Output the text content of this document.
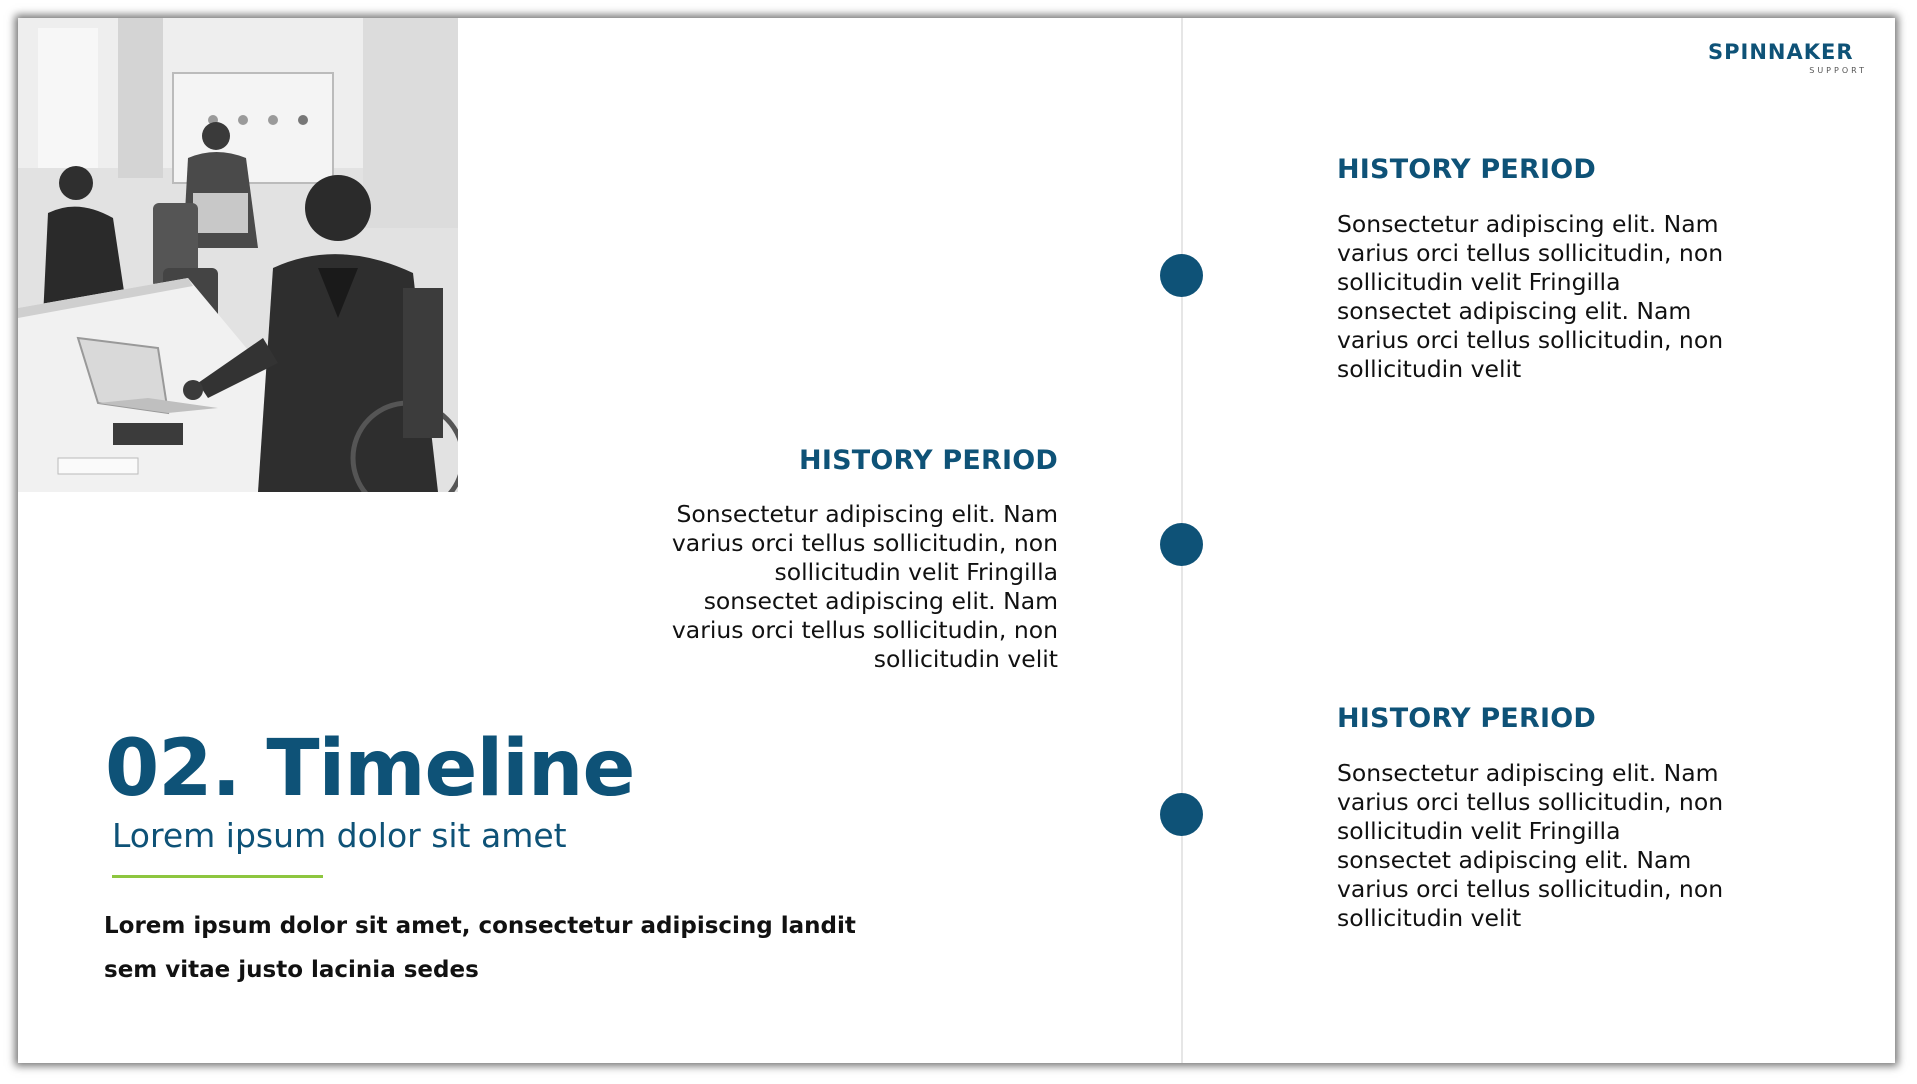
SPINNAKER
SUPPORT
HISTORY PERIOD
Sonsectetur adipiscing elit. Nam
varius orci tellus sollicitudin, non
sollicitudin velit Fringilla
sonsectet adipiscing elit. Nam
varius orci tellus sollicitudin, non
sollicitudin velit
HISTORY PERIOD
Sonsectetur adipiscing elit. Nam
varius orci tellus sollicitudin, non
sollicitudin velit Fringilla
sonsectet adipiscing elit. Nam
varius orci tellus sollicitudin, non
sollicitudin velit
HISTORY PERIOD
Sonsectetur adipiscing elit. Nam
varius orci tellus sollicitudin, non
sollicitudin velit Fringilla
sonsectet adipiscing elit. Nam
varius orci tellus sollicitudin, non
sollicitudin velit
02. Timeline
Lorem ipsum dolor sit amet
Lorem ipsum dolor sit amet, consectetur adipiscing landit
sem vitae justo lacinia sedes
